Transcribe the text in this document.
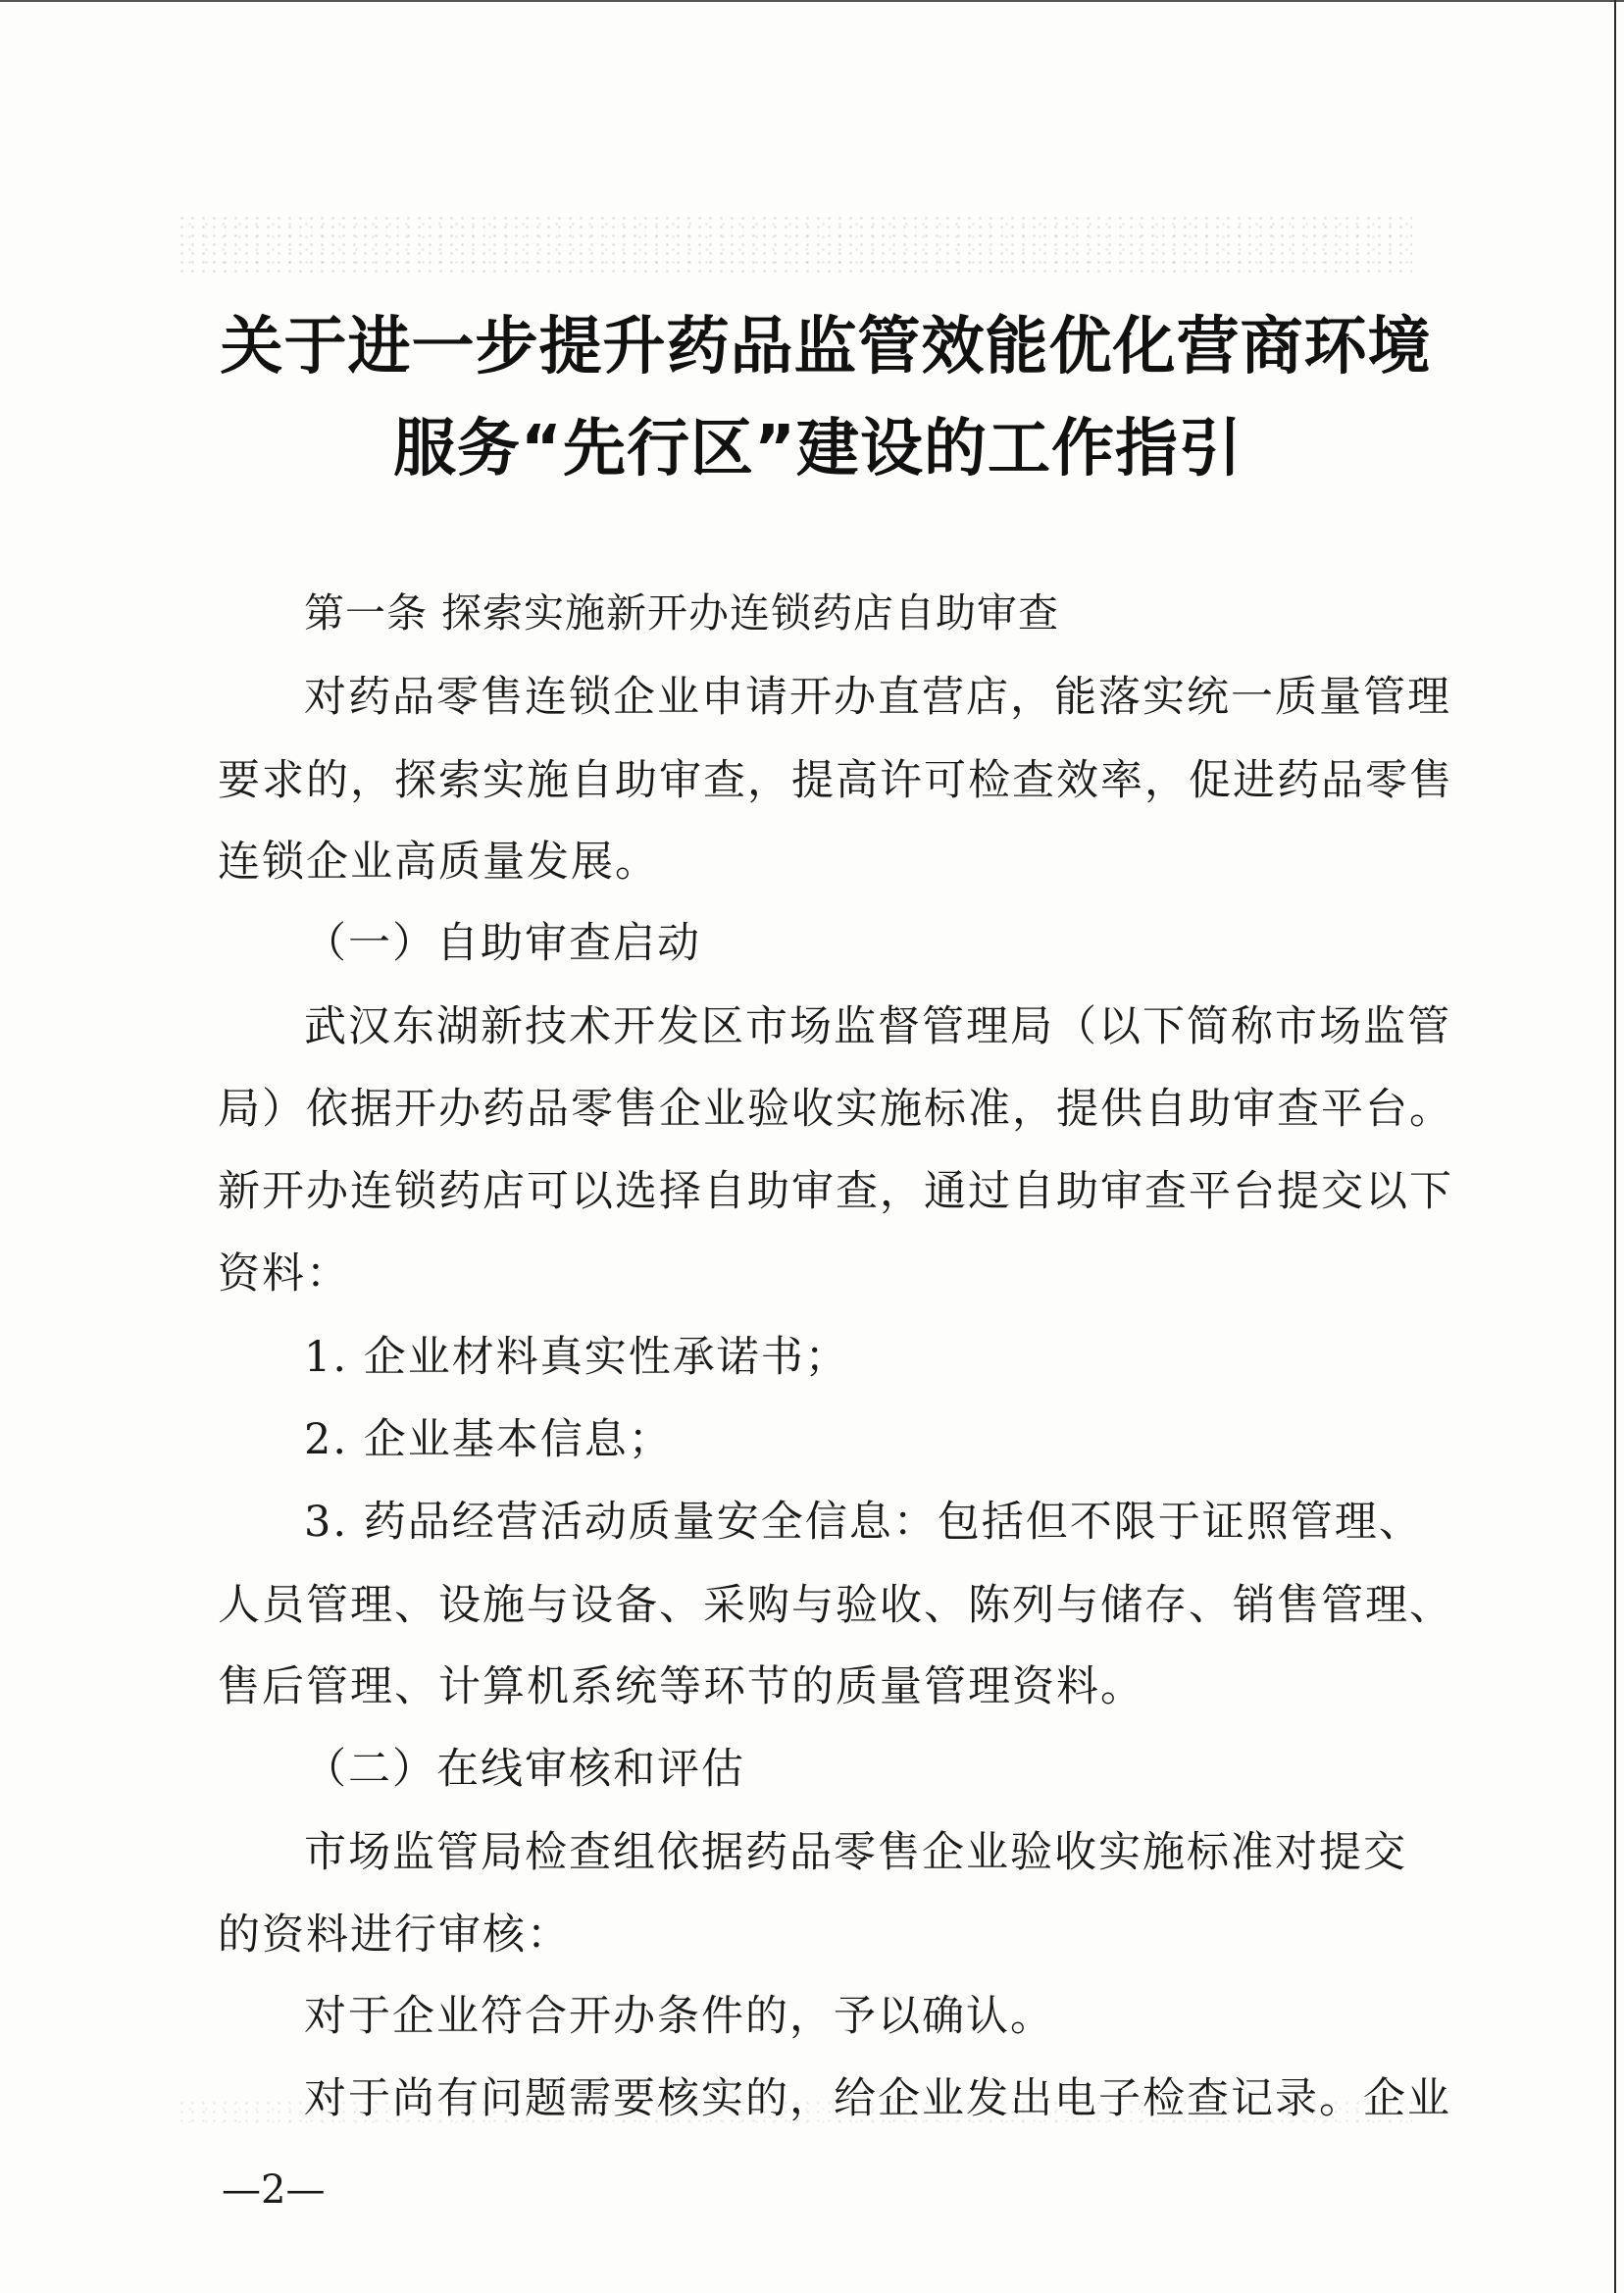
关于进一步提升药品监管效能优化营商环境
服务“先行区”建设的工作指引
第一条 探索实施新开办连锁药店自助审查
对药品零售连锁企业申请开办直营店，能落实统一质量管理
要求的，探索实施自助审查，提高许可检查效率，促进药品零售
连锁企业高质量发展。
（一）自助审查启动
武汉东湖新技术开发区市场监督管理局（以下简称市场监管
局）依据开办药品零售企业验收实施标准，提供自助审查平台。
新开办连锁药店可以选择自助审查，通过自助审查平台提交以下
资料：
1. 企业材料真实性承诺书；
2. 企业基本信息；
3. 药品经营活动质量安全信息：包括但不限于证照管理、
人员管理、设施与设备、采购与验收、陈列与储存、销售管理、
售后管理、计算机系统等环节的质量管理资料。
（二）在线审核和评估
市场监管局检查组依据药品零售企业验收实施标准对提交
的资料进行审核：
对于企业符合开办条件的，予以确认。
对于尚有问题需要核实的，给企业发出电子检查记录。企业
—2—
